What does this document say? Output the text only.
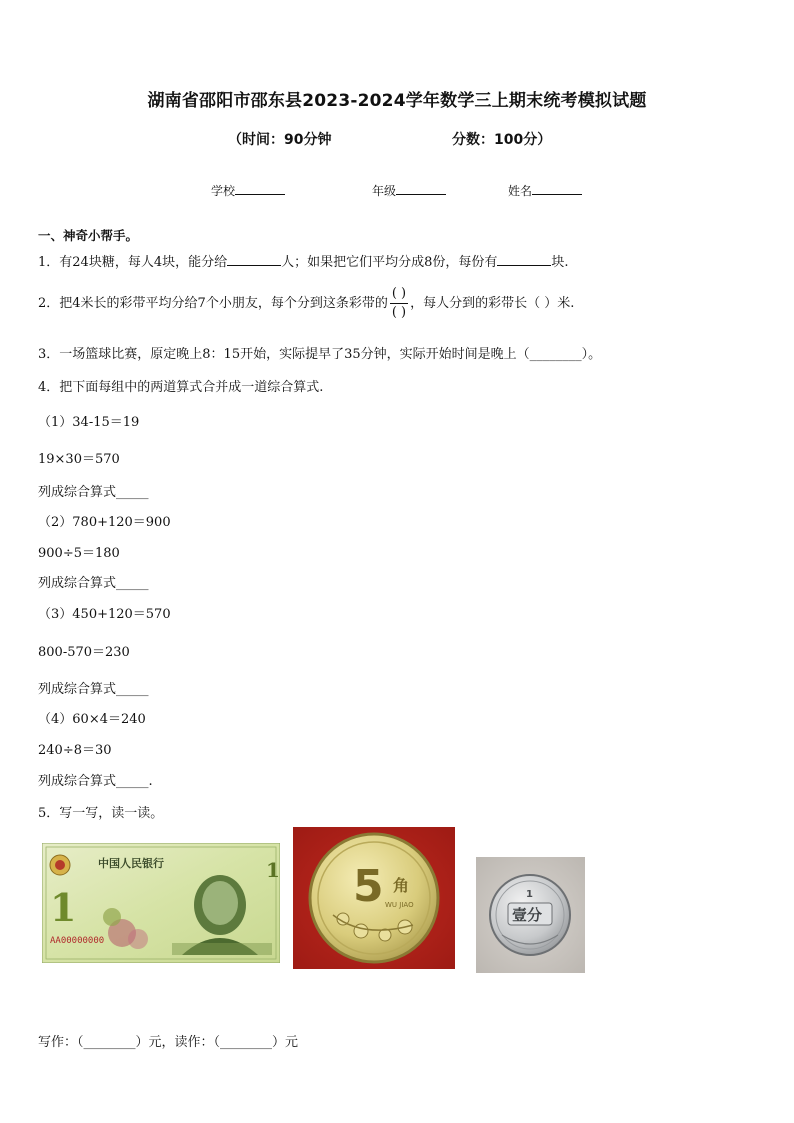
湖南省邵阳市邵东县2023-2024学年数学三上期末统考模拟试题
（时间：90分钟	分数：100分）
学校	年级	姓名
一、神奇小帮手。
1．有24块糖，每人4块，能分给	人；如果把它们平均分成8份，每份有	块.
2．把4米长的彩带平均分给7个小朋友，每个分到这条彩带的 $\frac{( )}{( )}$ ，每人分到的彩带长（ ）米.
3．一场篮球比赛，原定晚上8：15开始，实际提早了35分钟，实际开始时间是晚上（________）。
4．把下面每组中的两道算式合并成一道综合算式.
（1）34-15＝19
19×30＝570
列成综合算式_____
（2）780+120＝900
900÷5＝180
列成综合算式_____
（3）450+120＝570
800-570＝230
列成综合算式_____
（4）60×4＝240
240÷8＝30
列成综合算式_____.
5．写一写，读一读。
中国人民银行
1
1
AA00000000
5 角
WU JIAO
1
壹分
写作：（________）元，读作：（________）元
